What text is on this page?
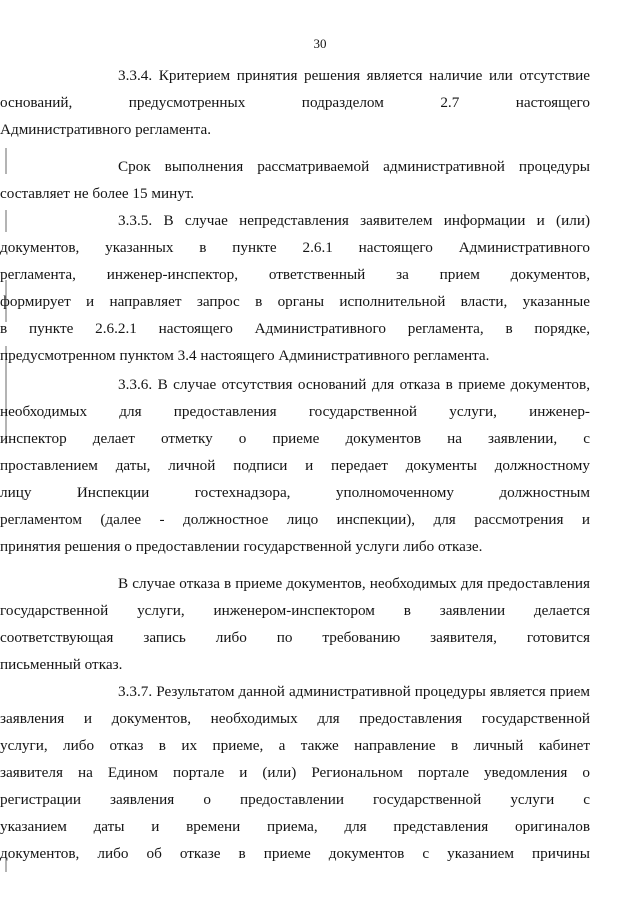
30
3.3.4. Критерием принятия решения является наличие или отсутствие
оснований, предусмотренных подразделом 2.7 настоящего
Административного регламента.
Срок выполнения рассматриваемой административной процедуры
составляет не более 15 минут.
3.3.5. В случае непредставления заявителем информации и (или)
документов, указанных в пункте 2.6.1 настоящего Административного
регламента, инженер-инспектор, ответственный за прием документов,
формирует и направляет запрос в органы исполнительной власти, указанные
в пункте 2.6.2.1 настоящего Административного регламента, в порядке,
предусмотренном пунктом 3.4 настоящего Административного регламента.
3.3.6. В случае отсутствия оснований для отказа в приеме документов,
необходимых для предоставления государственной услуги, инженер-
инспектор делает отметку о приеме документов на заявлении, с
проставлением даты, личной подписи и передает документы должностному
лицу Инспекции гостехнадзора, уполномоченному должностным
регламентом (далее - должностное лицо инспекции), для рассмотрения и
принятия решения о предоставлении государственной услуги либо отказе.
В случае отказа в приеме документов, необходимых для предоставления
государственной услуги, инженером-инспектором в заявлении делается
соответствующая запись либо по требованию заявителя, готовится
письменный отказ.
3.3.7. Результатом данной административной процедуры является прием
заявления и документов, необходимых для предоставления государственной
услуги, либо отказ в их приеме, а также направление в личный кабинет
заявителя на Едином портале и (или) Региональном портале уведомления о
регистрации заявления о предоставлении государственной услуги с
указанием даты и времени приема, для представления оригиналов
документов, либо об отказе в приеме документов с указанием причины
